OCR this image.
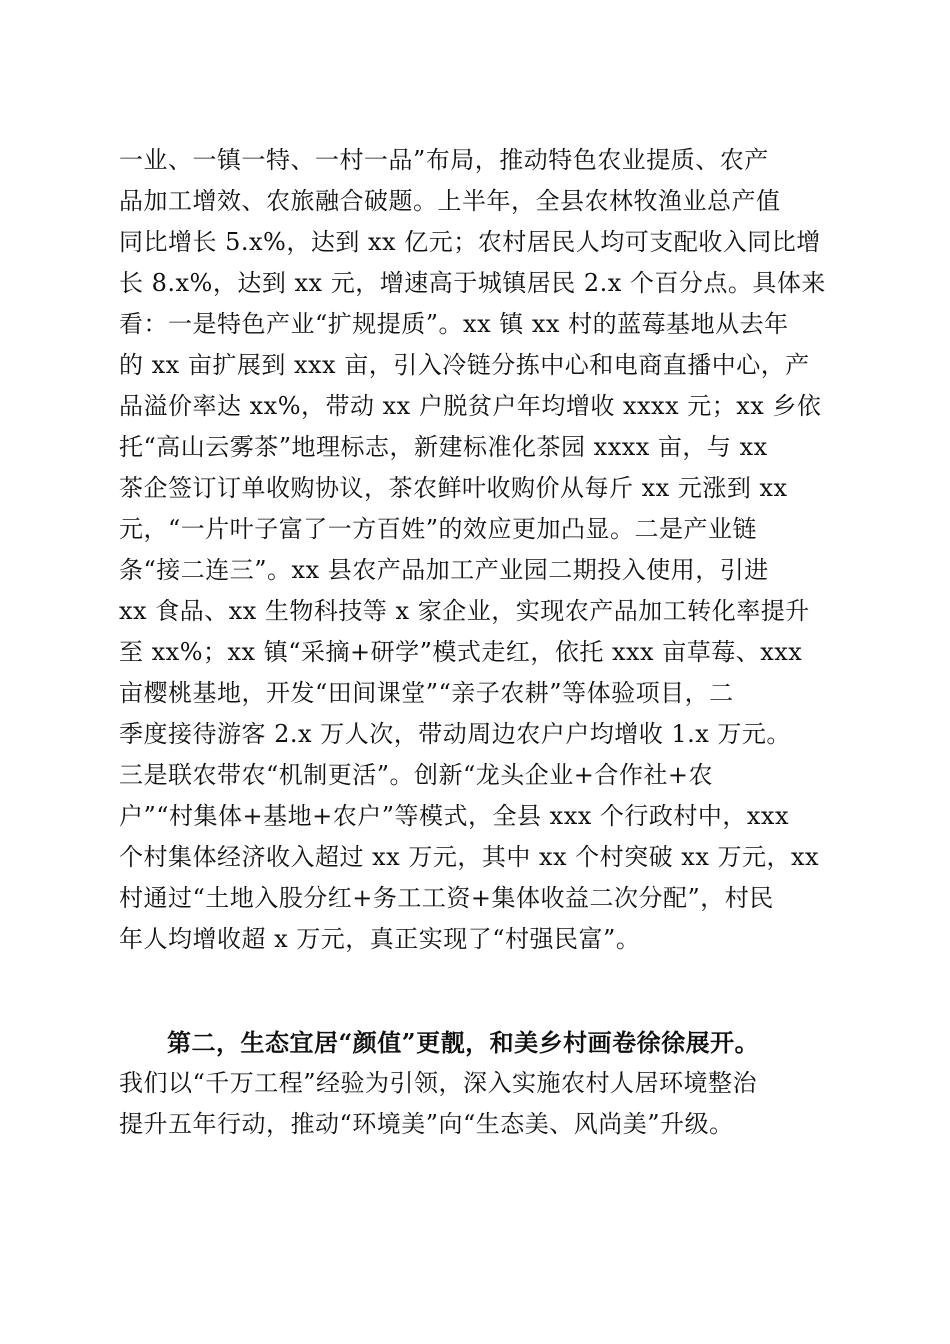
一业、一镇一特、一村一品”布局，推动特色农业提质、农产
品加工增效、农旅融合破题。上半年，全县农林牧渔业总产值
同比增长 5.x%，达到 xx 亿元；农村居民人均可支配收入同比增
长 8.x%，达到 xx 元，增速高于城镇居民 2.x 个百分点。具体来
看：一是特色产业“扩规提质”。xx 镇 xx 村的蓝莓基地从去年
的 xx 亩扩展到 xxx 亩，引入冷链分拣中心和电商直播中心，产
品溢价率达 xx%，带动 xx 户脱贫户年均增收 xxxx 元；xx 乡依
托“高山云雾茶”地理标志，新建标准化茶园 xxxx 亩，与 xx
茶企签订订单收购协议，茶农鲜叶收购价从每斤 xx 元涨到 xx
元，“一片叶子富了一方百姓”的效应更加凸显。二是产业链
条“接二连三”。xx 县农产品加工产业园二期投入使用，引进
xx 食品、xx 生物科技等 x 家企业，实现农产品加工转化率提升
至 xx%；xx 镇“采摘+研学”模式走红，依托 xxx 亩草莓、xxx
亩樱桃基地，开发“田间课堂”“亲子农耕”等体验项目，二
季度接待游客 2.x 万人次，带动周边农户户均增收 1.x 万元。
三是联农带农“机制更活”。创新“龙头企业+合作社+农
户”“村集体+基地+农户”等模式，全县 xxx 个行政村中，xxx
个村集体经济收入超过 xx 万元，其中 xx 个村突破 xx 万元，xx
村通过“土地入股分红+务工工资+集体收益二次分配”，村民
年人均增收超 x 万元，真正实现了“村强民富”。
第二，生态宜居“颜值”更靓，和美乡村画卷徐徐展开。
我们以“千万工程”经验为引领，深入实施农村人居环境整治
提升五年行动，推动“环境美”向“生态美、风尚美”升级。
